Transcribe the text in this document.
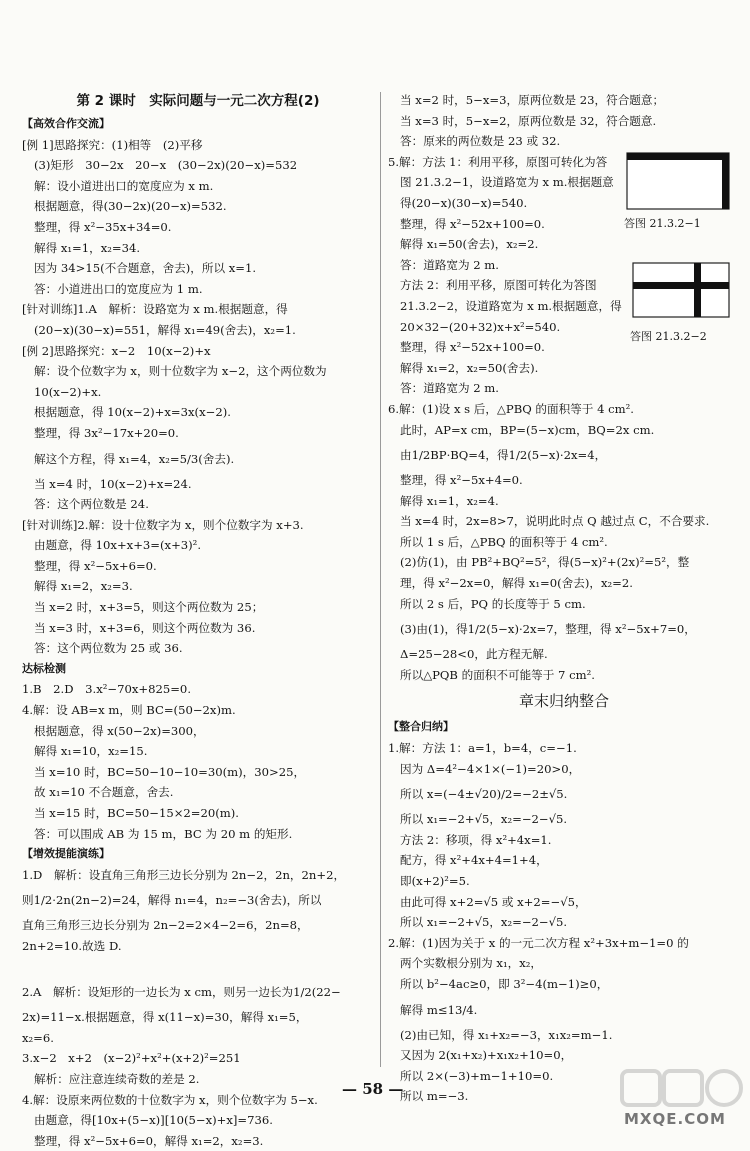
第 2 课时　实际问题与一元二次方程(2)
【高效合作交流】
[例 1]思路探究：(1)相等　(2)平移
(3)矩形　30−2x　20−x　(30−2x)(20−x)=532
解：设小道进出口的宽度应为 x m.
根据题意，得(30−2x)(20−x)=532.
整理，得 x²−35x+34=0.
解得 x₁=1，x₂=34.
因为 34>15(不合题意，舍去)，所以 x=1.
答：小道进出口的宽度应为 1 m.
[针对训练]1.A　解析：设路宽为 x m.根据题意，得
(20−x)(30−x)=551，解得 x₁=49(舍去)，x₂=1.
[例 2]思路探究：x−2　10(x−2)+x
解：设个位数字为 x，则十位数字为 x−2，这个两位数为
10(x−2)+x.
根据题意，得 10(x−2)+x=3x(x−2).
整理，得 3x²−17x+20=0.
解这个方程，得 x₁=4，x₂=5/3(舍去).
当 x=4 时，10(x−2)+x=24.
答：这个两位数是 24.
[针对训练]2.解：设十位数字为 x，则个位数字为 x+3.
由题意，得 10x+x+3=(x+3)².
整理，得 x²−5x+6=0.
解得 x₁=2，x₂=3.
当 x=2 时，x+3=5，则这个两位数为 25；
当 x=3 时，x+3=6，则这个两位数为 36.
答：这个两位数为 25 或 36.
达标检测
1.B　2.D　3.x²−70x+825=0.
4.解：设 AB=x m，则 BC=(50−2x)m.
根据题意，得 x(50−2x)=300，
解得 x₁=10，x₂=15.
当 x=10 时，BC=50−10−10=30(m)，30>25，
故 x₁=10 不合题意，舍去.
当 x=15 时，BC=50−15×2=20(m).
答：可以围成 AB 为 15 m，BC 为 20 m 的矩形.
【增效提能演练】
1.D　解析：设直角三角形三边长分别为 2n−2，2n，2n+2，
则1/2·2n(2n−2)=24，解得 n₁=4，n₂=−3(舍去)，所以
直角三角形三边长分别为 2n−2=2×4−2=6，2n=8，
2n+2=10.故选 D.
2.A　解析：设矩形的一边长为 x cm，则另一边长为1/2(22−
2x)=11−x.根据题意，得 x(11−x)=30，解得 x₁=5，
x₂=6.
3.x−2　x+2　(x−2)²+x²+(x+2)²=251
解析：应注意连续奇数的差是 2.
4.解：设原来两位数的十位数字为 x，则个位数字为 5−x.
由题意，得[10x+(5−x)][10(5−x)+x]=736.
整理，得 x²−5x+6=0，解得 x₁=2，x₂=3.
当 x=2 时，5−x=3，原两位数是 23，符合题意；
当 x=3 时，5−x=2，原两位数是 32，符合题意.
答：原来的两位数是 23 或 32.
5.解：方法 1：利用平移，原图可转化为答
图 21.3.2−1，设道路宽为 x m.根据题意
得(20−x)(30−x)=540.
整理，得 x²−52x+100=0.
解得 x₁=50(舍去)，x₂=2.
答：道路宽为 2 m.
方法 2：利用平移，原图可转化为答图
21.3.2−2，设道路宽为 x m.根据题意，得
20×32−(20+32)x+x²=540.
整理，得 x²−52x+100=0.
解得 x₁=2，x₂=50(舍去).
答：道路宽为 2 m.
6.解：(1)设 x s 后，△PBQ 的面积等于 4 cm².
此时，AP=x cm，BP=(5−x)cm，BQ=2x cm.
由1/2BP·BQ=4，得1/2(5−x)·2x=4，
整理，得 x²−5x+4=0.
解得 x₁=1，x₂=4.
当 x=4 时，2x=8>7，说明此时点 Q 越过点 C，不合要求.
所以 1 s 后，△PBQ 的面积等于 4 cm².
(2)仿(1)，由 PB²+BQ²=5²，得(5−x)²+(2x)²=5²，整
理，得 x²−2x=0，解得 x₁=0(舍去)，x₂=2.
所以 2 s 后，PQ 的长度等于 5 cm.
(3)由(1)，得1/2(5−x)·2x=7，整理，得 x²−5x+7=0，
Δ=25−28<0，此方程无解.
所以△PQB 的面积不可能等于 7 cm².
章末归纳整合
【整合归纳】
1.解：方法 1：a=1，b=4，c=−1.
因为 Δ=4²−4×1×(−1)=20>0，
所以 x=(−4±√20)/2=−2±√5.
所以 x₁=−2+√5，x₂=−2−√5.
方法 2：移项，得 x²+4x=1.
配方，得 x²+4x+4=1+4，
即(x+2)²=5.
由此可得 x+2=√5 或 x+2=−√5，
所以 x₁=−2+√5，x₂=−2−√5.
2.解：(1)因为关于 x 的一元二次方程 x²+3x+m−1=0 的
两个实数根分别为 x₁，x₂，
所以 b²−4ac≥0，即 3²−4(m−1)≥0，
解得 m≤13/4.
(2)由已知，得 x₁+x₂=−3，x₁x₂=m−1.
又因为 2(x₁+x₂)+x₁x₂+10=0，
所以 2×(−3)+m−1+10=0.
所以 m=−3.
答图 21.3.2−1
答图 21.3.2−2
— 58 —
MXQE.COM
